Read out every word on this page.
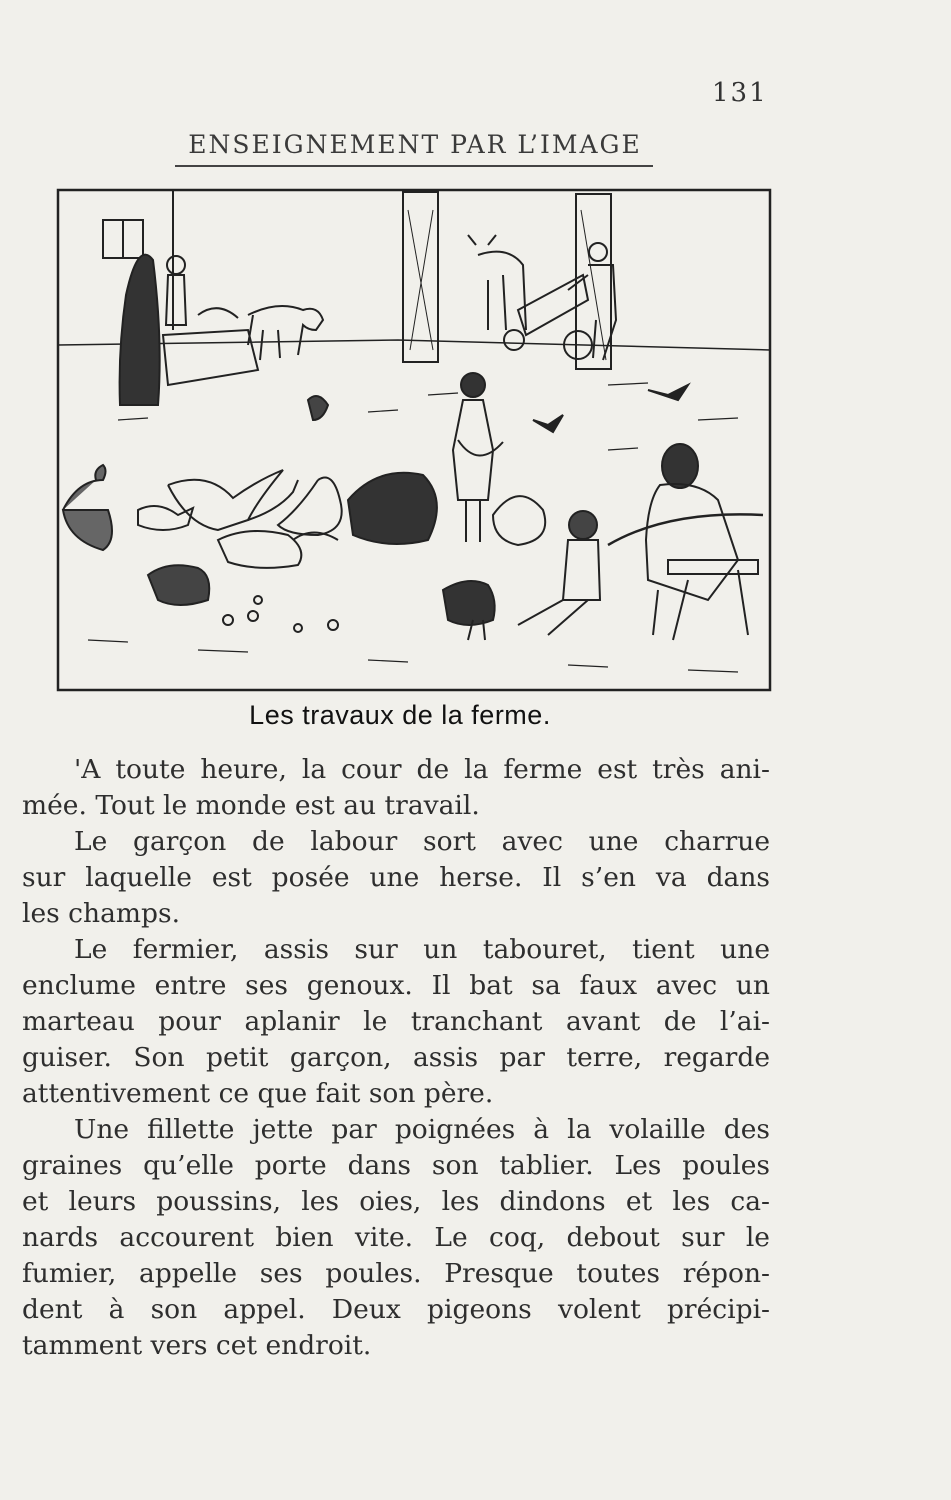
131
ENSEIGNEMENT PAR L’IMAGE
Les travaux de la ferme.
'A toute heure, la cour de la ferme est très ani-
mée. Tout le monde est au travail.
Le garçon de labour sort avec une charrue
sur laquelle est posée une herse. Il s’en va dans
les champs.
Le fermier, assis sur un tabouret, tient une
enclume entre ses genoux. Il bat sa faux avec un
marteau pour aplanir le tranchant avant de l’ai-
guiser. Son petit garçon, assis par terre, regarde
attentivement ce que fait son père.
Une fillette jette par poignées à la volaille des
graines qu’elle porte dans son tablier. Les poules
et leurs poussins, les oies, les dindons et les ca-
nards accourent bien vite. Le coq, debout sur le
fumier, appelle ses poules. Presque toutes répon-
dent à son appel. Deux pigeons volent précipi-
tamment vers cet endroit.
